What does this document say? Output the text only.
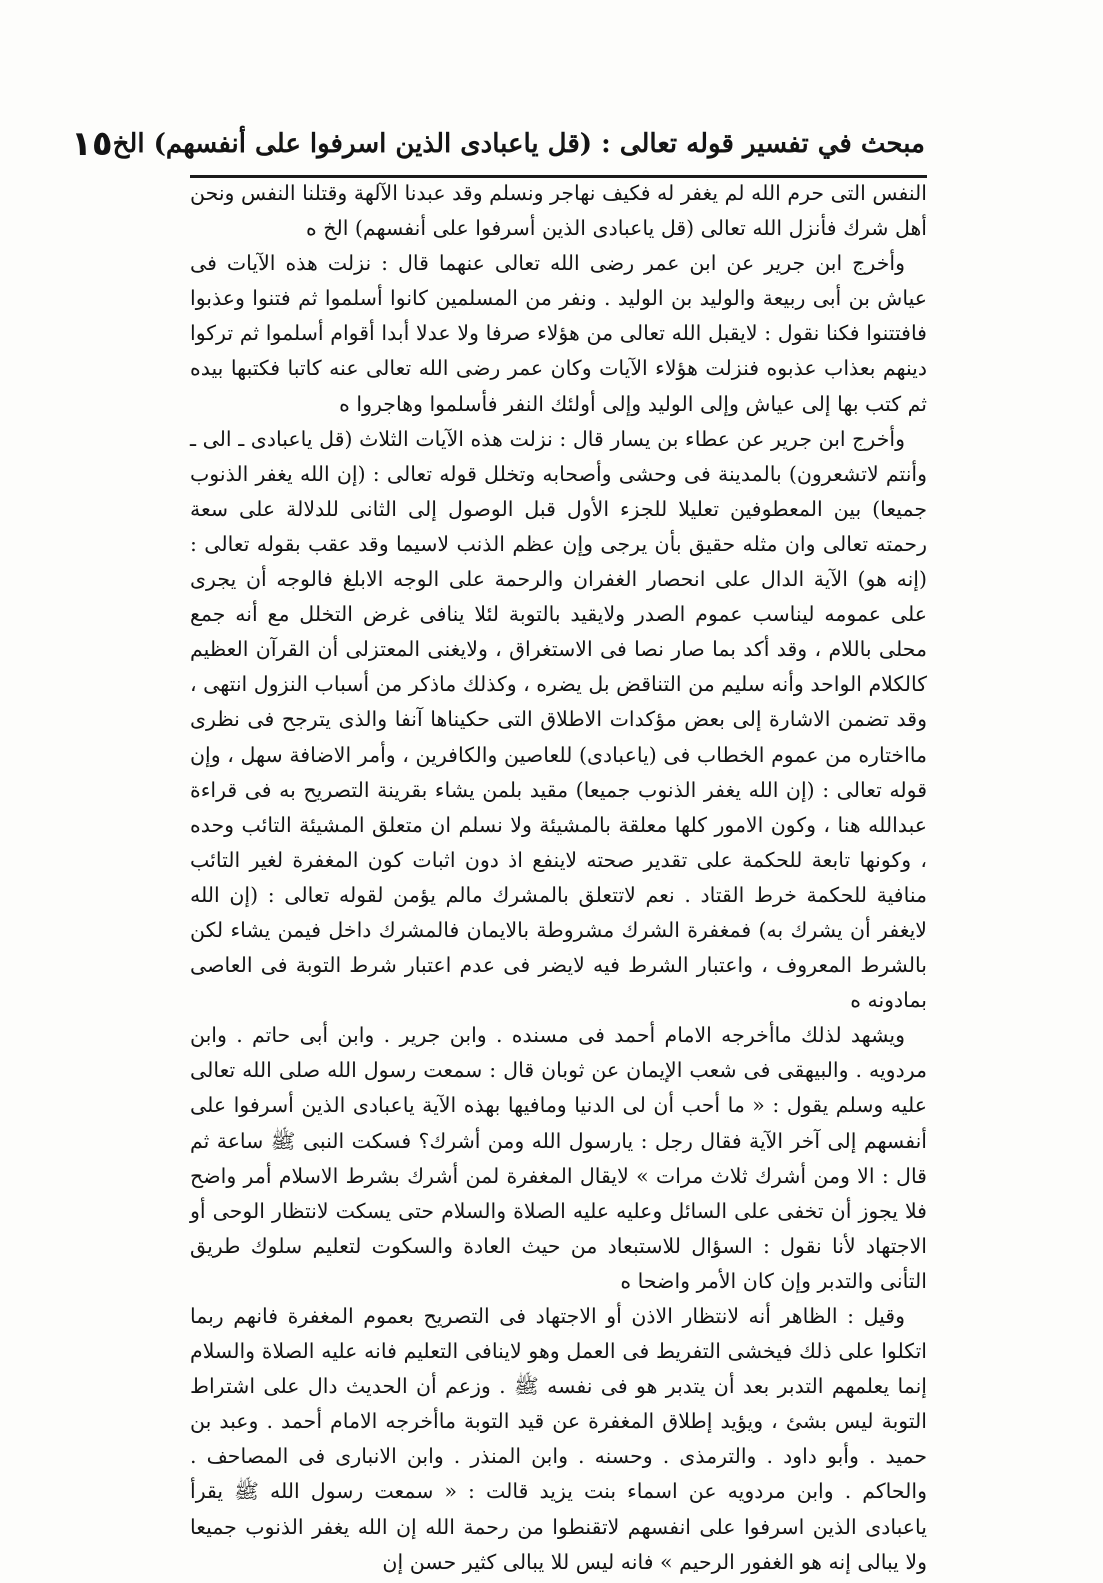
مبحث في تفسير قوله تعالى : (قل ياعبادى الذين اسرفوا على أنفسهم) الخ
١٥

النفس التى حرم الله لم يغفر له فكيف نهاجر ونسلم وقد عبدنا الآلهة وقتلنا النفس ونحن أهل شرك فأنزل الله تعالى (قل ياعبادى الذين أسرفوا على أنفسهم) الخ ه

وأخرج ابن جرير عن ابن عمر رضى الله تعالى عنهما قال : نزلت هذه الآيات فى عياش بن أبى ربيعة والوليد بن الوليد . ونفر من المسلمين كانوا أسلموا ثم فتنوا وعذبوا فافتتنوا فكنا نقول : لايقبل الله تعالى من هؤلاء صرفا ولا عدلا أبدا أقوام أسلموا ثم تركوا دينهم بعذاب عذبوه فنزلت هؤلاء الآيات وكان عمر رضى الله تعالى عنه كاتبا فكتبها بيده ثم كتب بها إلى عياش وإلى الوليد وإلى أولئك النفر فأسلموا وهاجروا ه

وأخرج ابن جرير عن عطاء بن يسار قال : نزلت هذه الآيات الثلاث (قل ياعبادى ـ الى ـ وأنتم لاتشعرون) بالمدينة فى وحشى وأصحابه وتخلل قوله تعالى : (إن الله يغفر الذنوب جميعا) بين المعطوفين تعليلا للجزء الأول قبل الوصول إلى الثانى للدلالة على سعة رحمته تعالى وان مثله حقيق بأن يرجى وإن عظم الذنب لاسيما وقد عقب بقوله تعالى : (إنه هو) الآية الدال على انحصار الغفران والرحمة على الوجه الابلغ فالوجه أن يجرى على عمومه ليناسب عموم الصدر ولايقيد بالتوبة لئلا ينافى غرض التخلل مع أنه جمع محلى باللام ، وقد أكد بما صار نصا فى الاستغراق ، ولايغنى المعتزلى أن القرآن العظيم كالكلام الواحد وأنه سليم من التناقض بل يضره ، وكذلك ماذكر من أسباب النزول انتهى ، وقد تضمن الاشارة إلى بعض مؤكدات الاطلاق التى حكيناها آنفا والذى يترجح فى نظرى مااختاره من عموم الخطاب فى (ياعبادى) للعاصين والكافرين ، وأمر الاضافة سهل ، وإن قوله تعالى : (إن الله يغفر الذنوب جميعا) مقيد بلمن يشاء بقرينة التصريح به فى قراءة عبدالله هنا ، وكون الامور كلها معلقة بالمشيئة ولا نسلم ان متعلق المشيئة التائب وحده ، وكونها تابعة للحكمة على تقدير صحته لاينفع اذ دون اثبات كون المغفرة لغير التائب منافية للحكمة خرط القتاد . نعم لاتتعلق بالمشرك مالم يؤمن لقوله تعالى : (إن الله لايغفر أن يشرك به) فمغفرة الشرك مشروطة بالايمان فالمشرك داخل فيمن يشاء لكن بالشرط المعروف ، واعتبار الشرط فيه لايضر فى عدم اعتبار شرط التوبة فى العاصى بمادونه ه

ويشهد لذلك ماأخرجه الامام أحمد فى مسنده . وابن جرير . وابن أبى حاتم . وابن مردويه . والبيهقى فى شعب الإيمان عن ثوبان قال : سمعت رسول الله صلى الله تعالى عليه وسلم يقول : « ما أحب أن لى الدنيا ومافيها بهذه الآية ياعبادى الذين أسرفوا على أنفسهم إلى آخر الآية فقال رجل : يارسول الله ومن أشرك؟ فسكت النبى ﷺ ساعة ثم قال : الا ومن أشرك ثلاث مرات » لايقال المغفرة لمن أشرك بشرط الاسلام أمر واضح فلا يجوز أن تخفى على السائل وعليه عليه الصلاة والسلام حتى يسكت لانتظار الوحى أو الاجتهاد لأنا نقول : السؤال للاستبعاد من حيث العادة والسكوت لتعليم سلوك طريق التأنى والتدبر وإن كان الأمر واضحا ه

وقيل : الظاهر أنه لانتظار الاذن أو الاجتهاد فى التصريح بعموم المغفرة فانهم ربما اتكلوا على ذلك فيخشى التفريط فى العمل وهو لاينافى التعليم فانه عليه الصلاة والسلام إنما يعلمهم التدبر بعد أن يتدبر هو فى نفسه ﷺ . وزعم أن الحديث دال على اشتراط التوبة ليس بشئ ، ويؤيد إطلاق المغفرة عن قيد التوبة ماأخرجه الامام أحمد . وعبد بن حميد . وأبو داود . والترمذى . وحسنه . وابن المنذر . وابن الانبارى فى المصاحف . والحاكم . وابن مردويه عن اسماء بنت يزيد قالت : « سمعت رسول الله ﷺ يقرأ ياعبادى الذين اسرفوا على انفسهم لاتقنطوا من رحمة الله إن الله يغفر الذنوب جميعا ولا يبالى إنه هو الغفور الرحيم » فانه ليس للا يبالى كثير حسن إن
